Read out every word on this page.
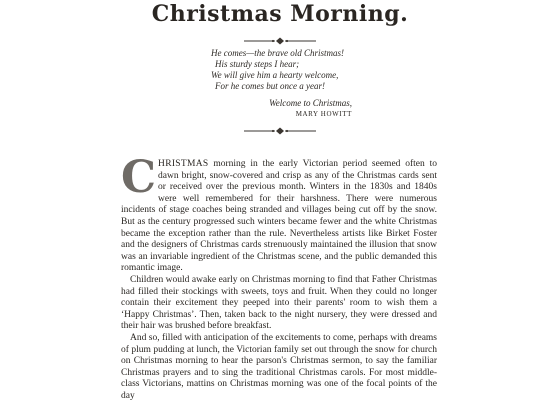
Christmas Morning.
He comes—the brave old Christmas!
His sturdy steps I hear;
We will give him a hearty welcome,
For he comes but once a year!
Welcome to Christmas,
MARY HOWITT

CHRISTMAS morning in the early Victorian period seemed often to dawn bright, snow-covered and crisp as any of the Christmas cards sent or received over the previous month. Winters in the 1830s and 1840s were well remembered for their harshness. There were numerous incidents of stage coaches being stranded and villages being cut off by the snow. But as the century progressed such winters became fewer and the white Christmas became the exception rather than the rule. Nevertheless artists like Birket Foster and the designers of Christmas cards strenuously maintained the illusion that snow was an invariable ingredient of the Christmas scene, and the public demanded this romantic image.

Children would awake early on Christmas morning to find that Father Christmas had filled their stockings with sweets, toys and fruit. When they could no longer contain their excitement they peeped into their parents' room to wish them a ‘Happy Christmas’. Then, taken back to the night nursery, they were dressed and their hair was brushed before breakfast.

And so, filled with anticipation of the excitements to come, perhaps with dreams of plum pudding at lunch, the Victorian family set out through the snow for church on Christmas morning to hear the parson's Christmas sermon, to say the familiar Christmas prayers and to sing the traditional Christmas carols. For most middle-class Victorians, mattins on Christmas morning was one of the focal points of the day
